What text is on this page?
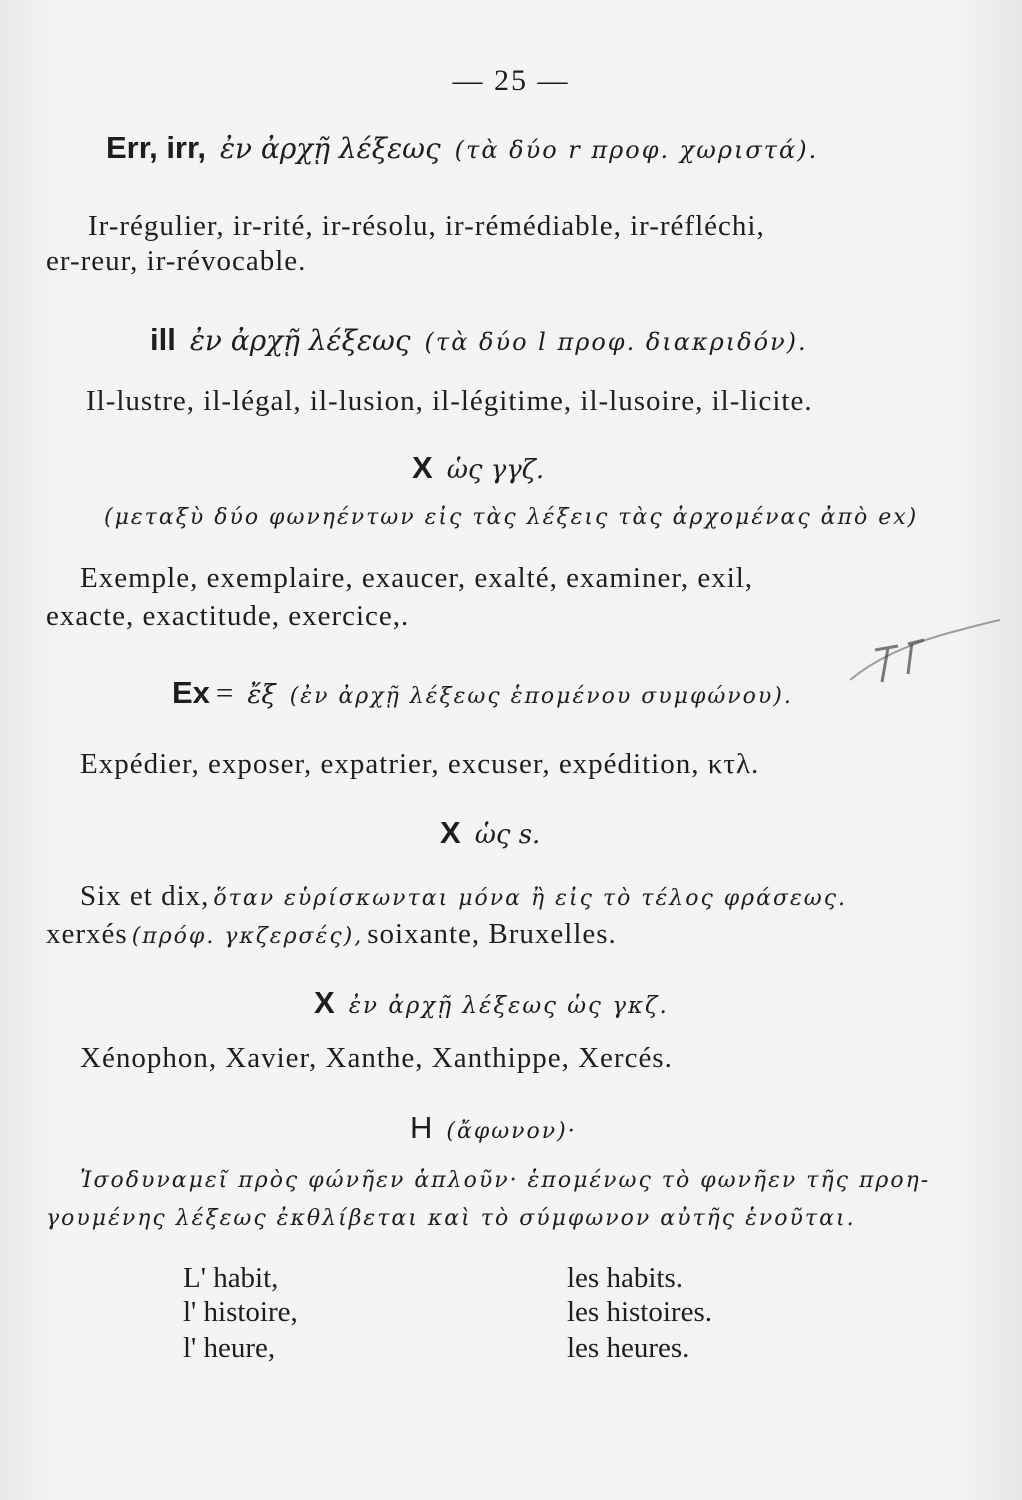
— 25 —
Err, irr, ἐν ἀρχῇ λέξεως (τὰ δύο r προφ. χωριστά).
Ir-régulier, ir-rité, ir-résolu, ir-rémédiable, ir-réfléchi,
er-reur, ir-révocable.
ill ἐν ἀρχῇ λέξεως (τὰ δύο l προφ. διακριδόν).
Il-lustre, il-légal, il-lusion, il-légitime, il-lusoire, il-licite.
X ὡς γγζ.
(μεταξὺ δύο φωνηέντων εἰς τὰς λέξεις τὰς ἀρχομένας ἀπὸ ex)
Exemple, exemplaire, exaucer, exalté, examiner, exil,
exacte, exactitude, exercice,.
Ex = ἔξ (ἐν ἀρχῇ λέξεως ἑπομένου συμφώνου).
Expédier, exposer, expatrier, excuser, expédition, κτλ.
X ὡς s.
Six et dix, ὅταν εὑρίσκωνται μόνα ἢ εἰς τὸ τέλος φράσεως.
xerxés (πρόφ. γκζερσές), soixante, Bruxelles.
X ἐν ἀρχῇ λέξεως ὡς γκζ.
Xénophon, Xavier, Xanthe, Xanthippe, Xercés.
H (ἄφωνον)·
Ἰσοδυναμεῖ πρὸς φώνῆεν ἁπλοῦν· ἑπομένως τὸ φωνῆεν τῆς προη-
γουμένης λέξεως ἐκθλίβεται καὶ τὸ σύμφωνον αὐτῆς ἑνοῦται.
L' habit,	les habits.
l' histoire,	les histoires.
l' heure,	les heures.
